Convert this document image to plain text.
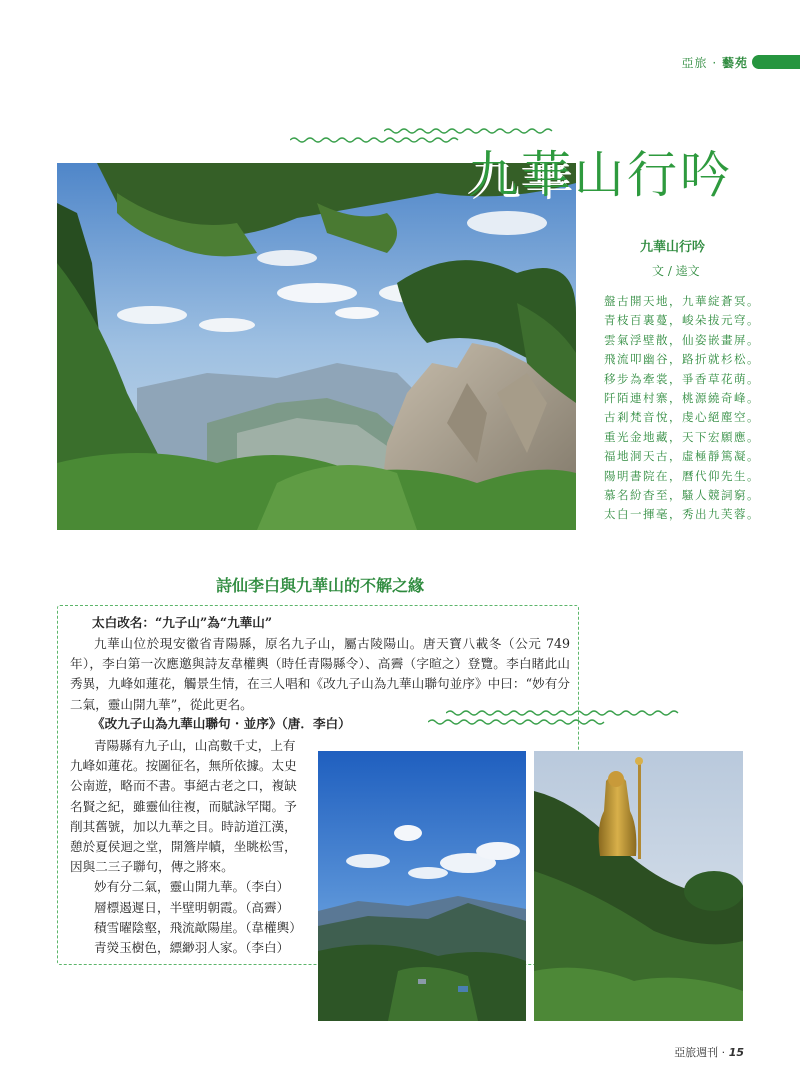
亞旅 · 藝苑
九華山行吟
九華山行吟
文 / 逵文
盤古開天地，九華綻蒼冥。
青枝百裏蔓，峻朵拔元穹。
雲氣浮壁散，仙姿嵌畫屏。
飛流叩幽谷，路折就杉松。
移步為牽裳，爭香草花萌。
阡陌連村寨，桃源繞奇峰。
古剎梵音悅，虔心絕塵空。
重光金地藏，天下宏願應。
福地洞天古，虛極靜篤凝。
陽明書院在，曆代仰先生。
慕名紛杳至，騷人競詞窮。
太白一揮毫，秀出九芙蓉。
詩仙李白與九華山的不解之緣
太白改名：“九子山”為“九華山”
九華山位於現安徽省青陽縣，原名九子山，屬古陵陽山。唐天寶八載冬（公元 749 年），李白第一次應邀與詩友韋權輿（時任青陽縣令）、高霽（字暄之）登覽。李白睹此山秀異，九峰如蓮花，觸景生情，在三人唱和《改九子山為九華山聯句並序》中曰：“妙有分二氣，靈山開九華”，從此更名。
《改九子山為九華山聯句 · 並序》（唐．李白）
青陽縣有九子山，山高數千丈，上有
九峰如蓮花。按圖征名，無所依據。太史
公南遊，略而不書。事絕古老之口，複缺
名賢之紀，雖靈仙往複，而賦詠罕聞。予
削其舊號，加以九華之目。時訪道江漢，
憩於夏侯迴之堂，開簷岸幘，坐眺松雪，
因與二三子聯句，傳之將來。
妙有分二氣，靈山開九華。（李白）
層標遏遲日，半壁明朝霞。（高霽）
積雪曜陰壑，飛流歊陽崖。（韋權輿）
青熒玉樹色，縹緲羽人家。（李白）
亞旅週刊 · 15
